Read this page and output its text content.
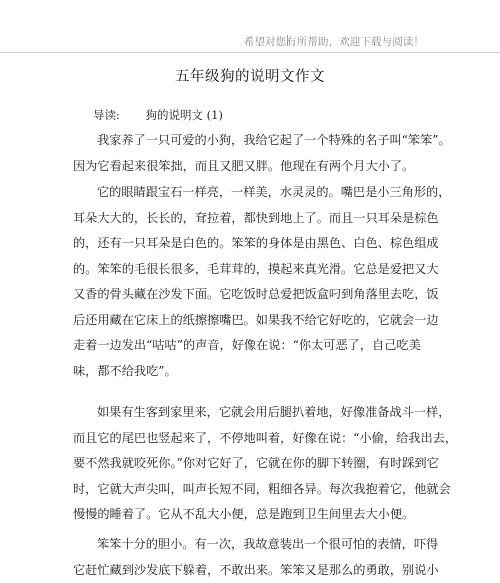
希望对您有所帮助，欢迎下载与阅读！
五年级狗的说明文作文
导读: 狗的说明文 (1)
我家养了一只可爱的小狗，我给它起了一个特殊的名子叫“笨笨”。
因为它看起来很笨拙，而且又肥又胖。他现在有两个月大小了。
它的眼睛跟宝石一样亮，一样美，水灵灵的。嘴巴是小三角形的，
耳朵大大的，长长的，耷拉着，都快到地上了。而且一只耳朵是棕色
的，还有一只耳朵是白色的。笨笨的身体是由黑色、白色、棕色组成
的。笨笨的毛很长很多，毛茸茸的，摸起来真光滑。它总是爱把又大
又香的骨头藏在沙发下面。它吃饭时总爱把饭盒叼到角落里去吃，饭
后还用藏在它床上的纸擦擦嘴巴。如果我不给它好吃的，它就会一边
走着一边发出“咕咕”的声音，好像在说：“你太可恶了，自己吃美
味，都不给我吃”。
如果有生客到家里来，它就会用后腿扒着地，好像准备战斗一样，
而且它的尾巴也竖起来了，不停地叫着，好像在说：“小偷，给我出去，
要不然我就咬死你。”你对它好了，它就在你的脚下转圈，有时踩到它
时，它就大声尖叫，叫声长短不同，粗细各异。每次我抱着它，他就会
慢慢的睡着了。它从不乱大小便，总是跑到卫生间里去大小便。
笨笨十分的胆小。有一次，我故意装出一个很可怕的表情，吓得
它赶忙藏到沙发底下躲着，不敢出来。笨笨又是那么的勇敢，别说小
